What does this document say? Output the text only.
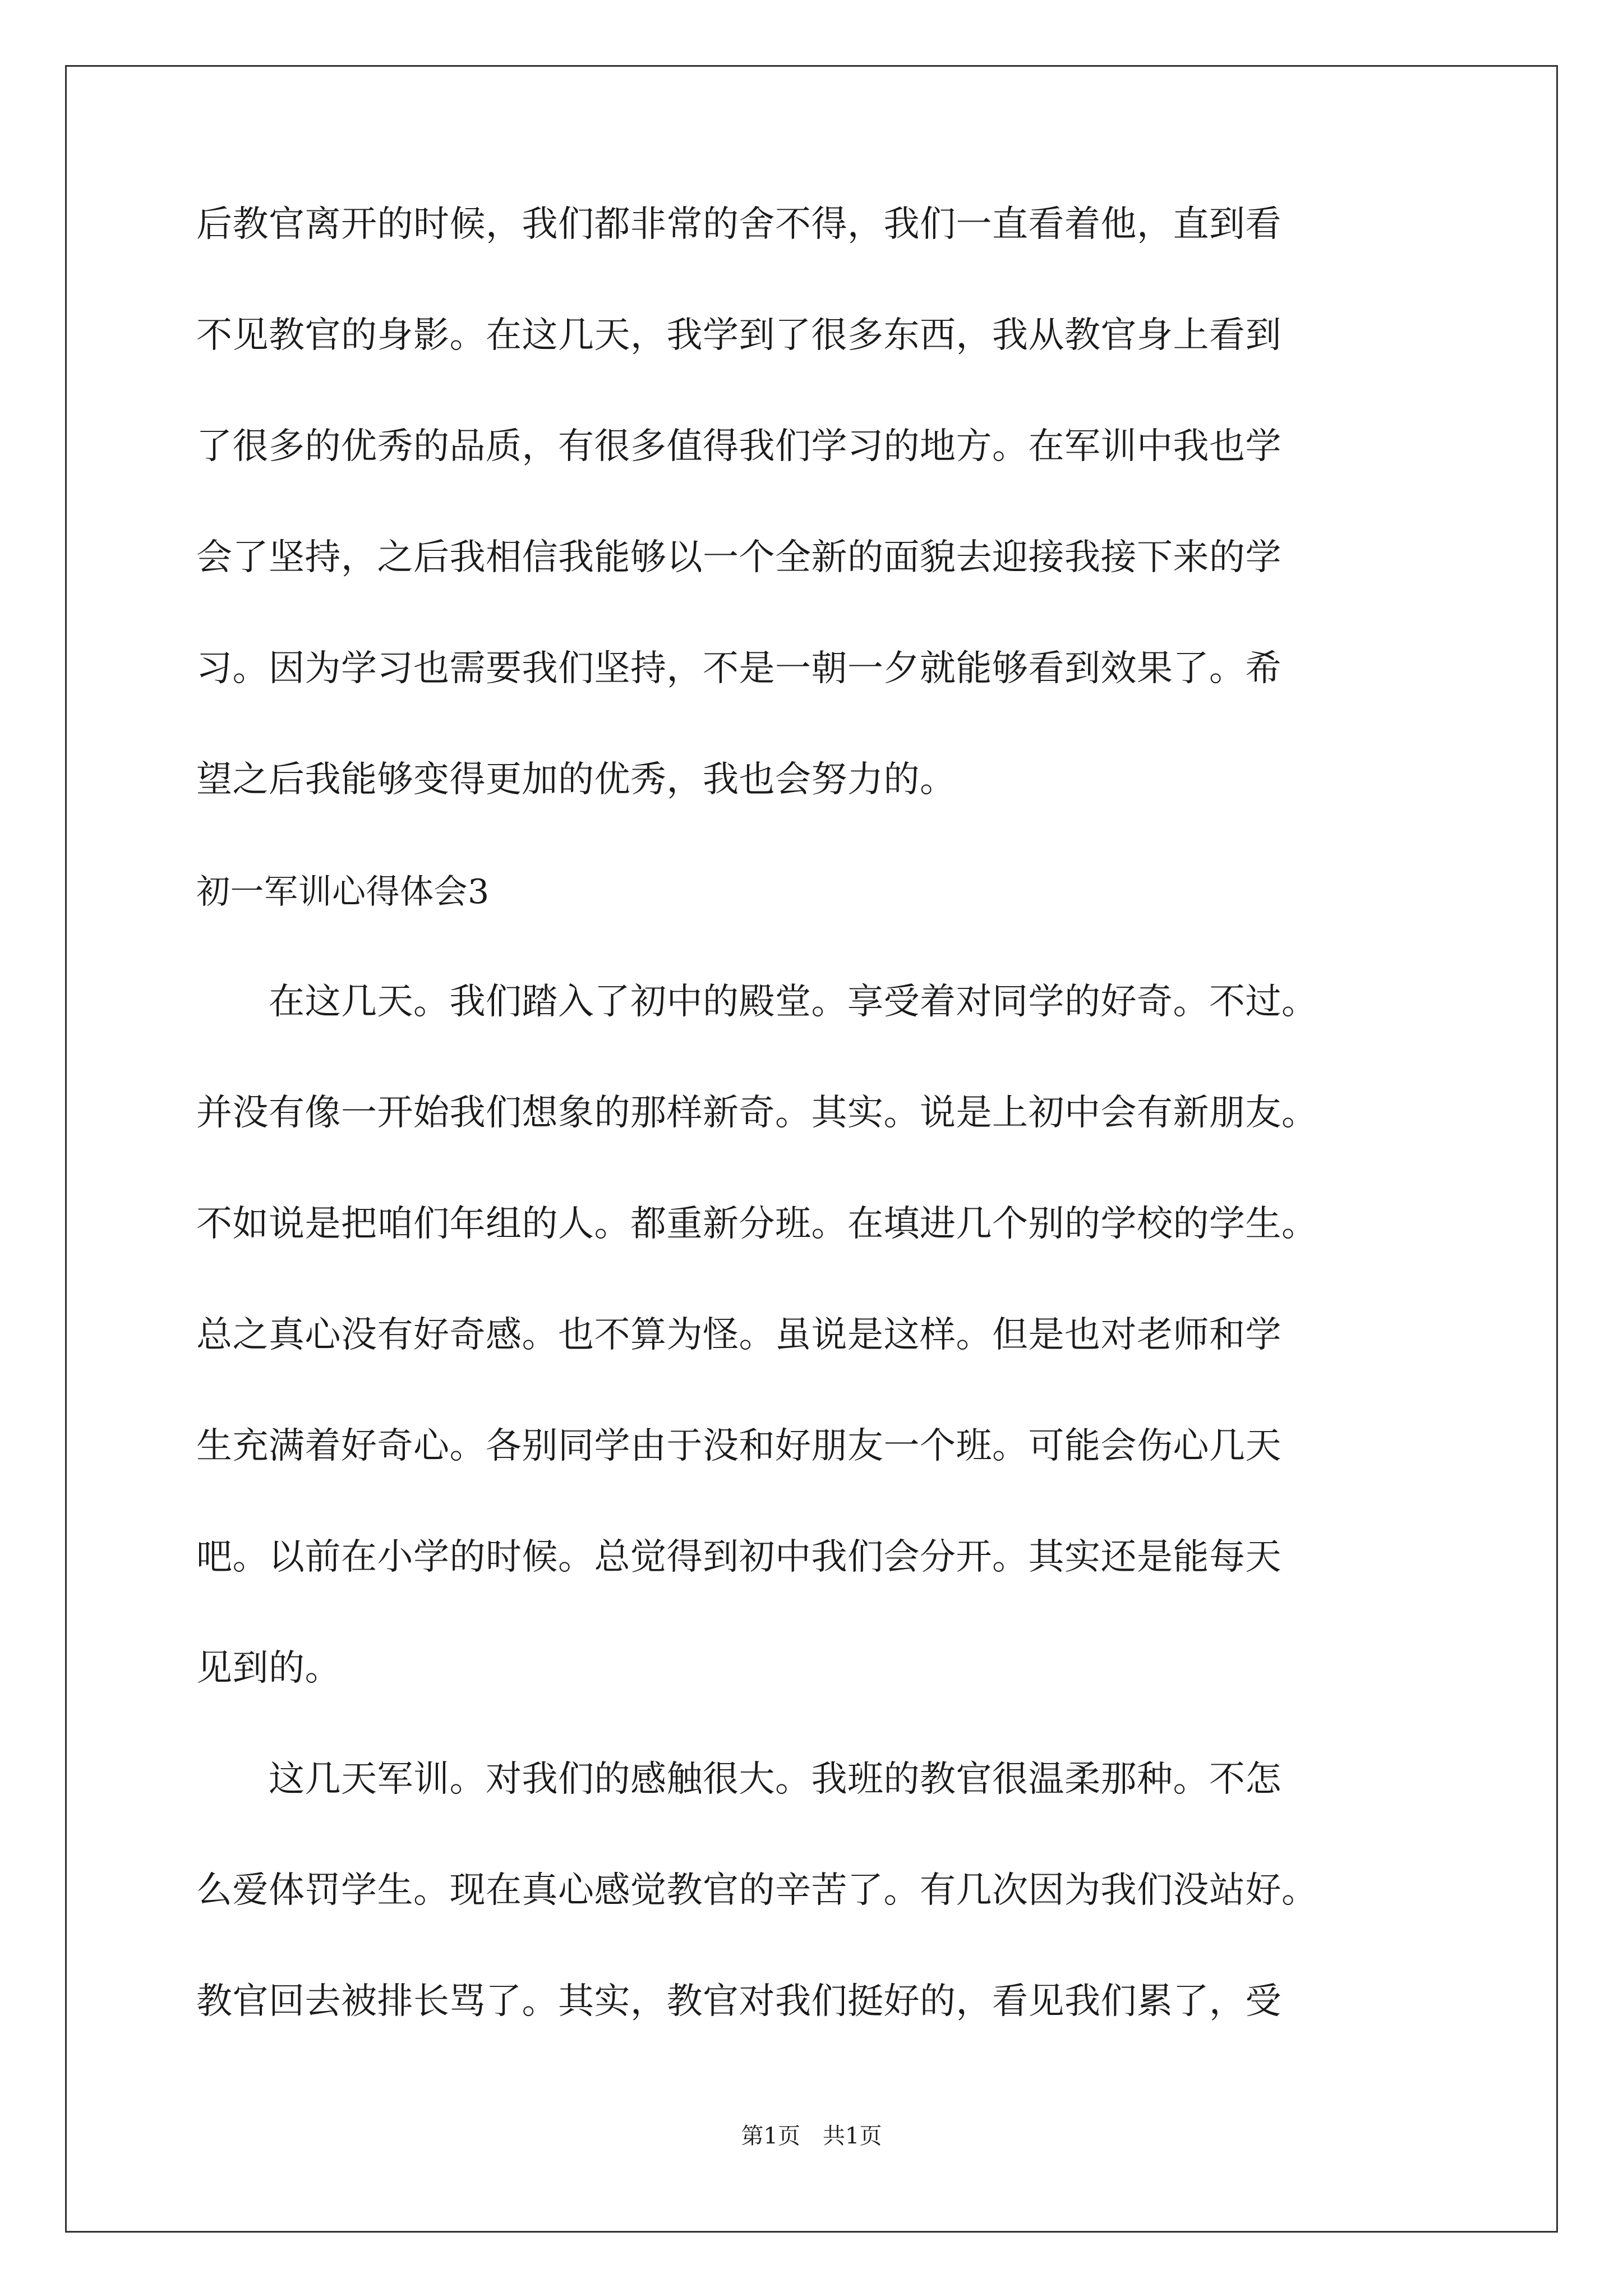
后教官离开的时候，我们都非常的舍不得，我们一直看着他，直到看

不见教官的身影。在这几天，我学到了很多东西，我从教官身上看到

了很多的优秀的品质，有很多值得我们学习的地方。在军训中我也学

会了坚持，之后我相信我能够以一个全新的面貌去迎接我接下来的学

习。因为学习也需要我们坚持，不是一朝一夕就能够看到效果了。希

望之后我能够变得更加的优秀，我也会努力的。

初一军训心得体会3

　　在这几天。我们踏入了初中的殿堂。享受着对同学的好奇。不过。

并没有像一开始我们想象的那样新奇。其实。说是上初中会有新朋友。

不如说是把咱们年组的人。都重新分班。在填进几个别的学校的学生。

总之真心没有好奇感。也不算为怪。虽说是这样。但是也对老师和学

生充满着好奇心。各别同学由于没和好朋友一个班。可能会伤心几天

吧。以前在小学的时候。总觉得到初中我们会分开。其实还是能每天

见到的。

　　这几天军训。对我们的感触很大。我班的教官很温柔那种。不怎

么爱体罚学生。现在真心感觉教官的辛苦了。有几次因为我们没站好。

教官回去被排长骂了。其实，教官对我们挺好的，看见我们累了，受

第1页　共1页
